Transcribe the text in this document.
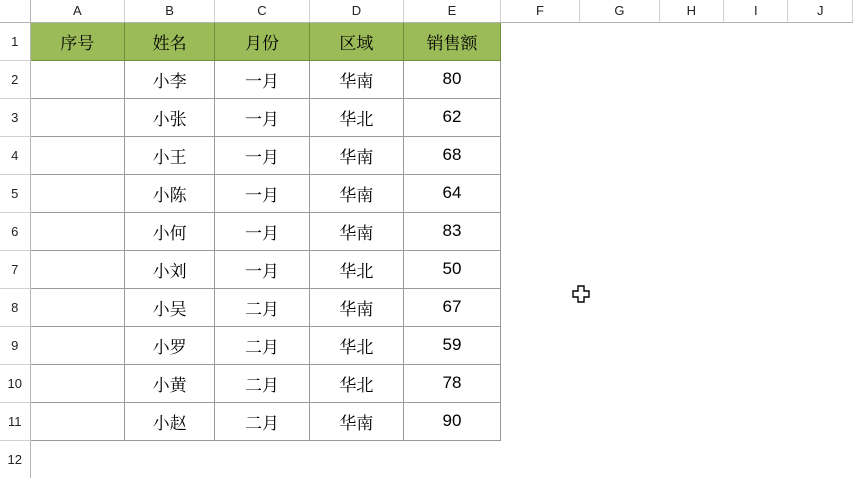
	A	B	C	D	E	F	G	H	I	J
1	序号	姓名	月份	区域	销售额					
2		小李	一月	华南	80					
3		小张	一月	华北	62					
4		小王	一月	华南	68					
5		小陈	一月	华南	64					
6		小何	一月	华南	83					
7		小刘	一月	华北	50					
8		小吴	二月	华南	67					
9		小罗	二月	华北	59					
10		小黄	二月	华北	78					
11		小赵	二月	华南	90					
12										
